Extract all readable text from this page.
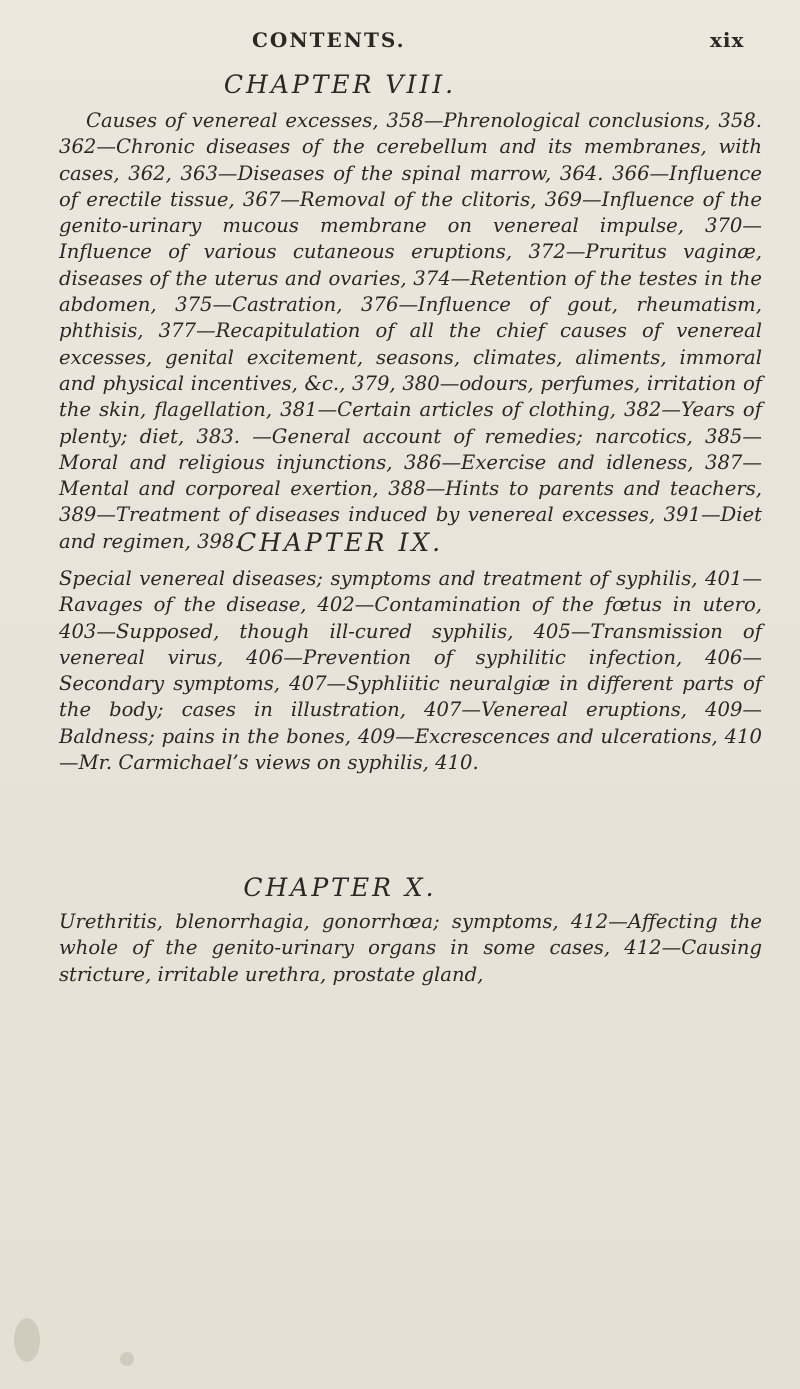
CONTENTS.	xix
CHAPTER VIII.
Causes of venereal excesses, 358—Phrenological conclusions, 358. 362—Chronic diseases of the cerebellum and its membranes, with cases, 362, 363—Diseases of the spinal marrow, 364. 366—Influence of erectile tissue, 367—Removal of the clitoris, 369—Influence of the genito-urinary mucous membrane on venereal impulse, 370—Influence of various cutaneous eruptions, 372—Pruritus vaginæ, diseases of the uterus and ovaries, 374—Retention of the testes in the abdomen, 375—Castration, 376—Influence of gout, rheumatism, phthisis, 377—Recapitulation of all the chief causes of venereal excesses, genital excitement, seasons, climates, aliments, immoral and physical incentives, &c., 379, 380—odours, perfumes, irritation of the skin, flagellation, 381—Certain articles of clothing, 382—Years of plenty; diet, 383. —General account of remedies; narcotics, 385—Moral and religious injunctions, 386—Exercise and idleness, 387—Mental and corporeal exertion, 388—Hints to parents and teachers, 389—Treatment of diseases induced by venereal excesses, 391—Diet and regimen, 398.
CHAPTER IX.
Special venereal diseases; symptoms and treatment of syphilis, 401—Ravages of the disease, 402—Contamination of the fœtus in utero, 403—Supposed, though ill-cured syphilis, 405—Transmission of venereal virus, 406—Prevention of syphilitic infection, 406—Secondary symptoms, 407—Syphliitic neuralgiæ in different parts of the body; cases in illustration, 407—Venereal eruptions, 409—Baldness; pains in the bones, 409—Excrescences and ulcerations, 410—Mr. Carmichael’s views on syphilis, 410.
CHAPTER X.
Urethritis, blenorrhagia, gonorrhœa; symptoms, 412—Affecting the whole of the genito-urinary organs in some cases, 412—Causing stricture, irritable urethra, prostate gland,
